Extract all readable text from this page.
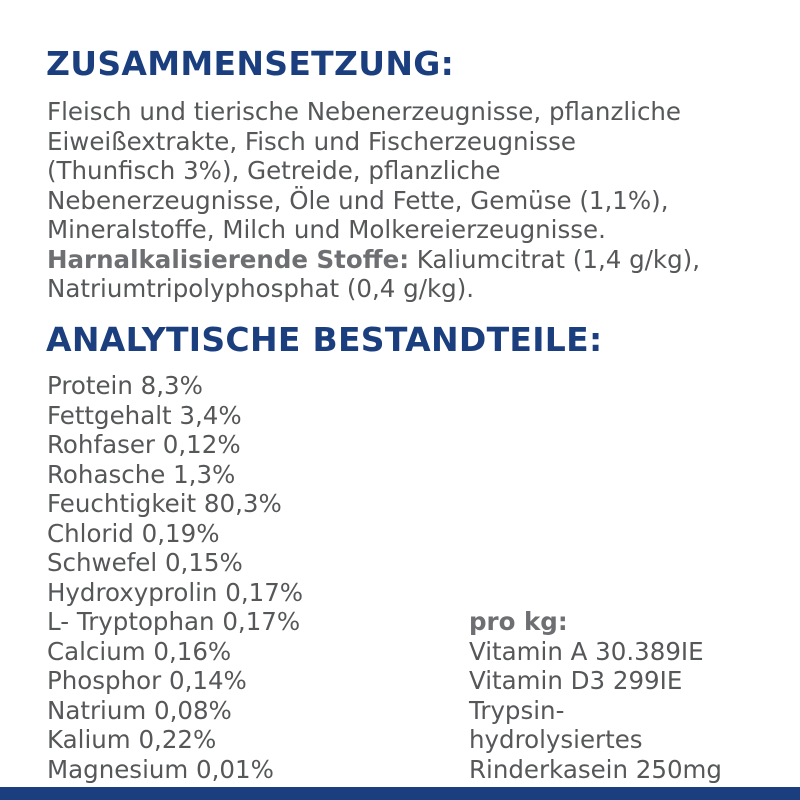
ZUSAMMENSETZUNG:

Fleisch und tierische Nebenerzeugnisse, pflanzliche
Eiweißextrakte, Fisch und Fischerzeugnisse
(Thunfisch 3%), Getreide, pflanzliche
Nebenerzeugnisse, Öle und Fette, Gemüse (1,1%),
Mineralstoffe, Milch und Molkereierzeugnisse.
Harnalkalisierende Stoffe: Kaliumcitrat (1,4 g/kg),
Natriumtripolyphosphat (0,4 g/kg).

ANALYTISCHE BESTANDTEILE:
Protein 8,3%
Fettgehalt 3,4%
Rohfaser 0,12%
Rohasche 1,3%
Feuchtigkeit 80,3%
Chlorid 0,19%
Schwefel 0,15%
Hydroxyprolin 0,17%
L- Tryptophan 0,17%
Calcium 0,16%
Phosphor 0,14%
Natrium 0,08%
Kalium 0,22%
Magnesium 0,01%
pro kg:
Vitamin A 30.389IE
Vitamin D3 299IE
Trypsin-
hydrolysiertes
Rinderkasein 250mg
